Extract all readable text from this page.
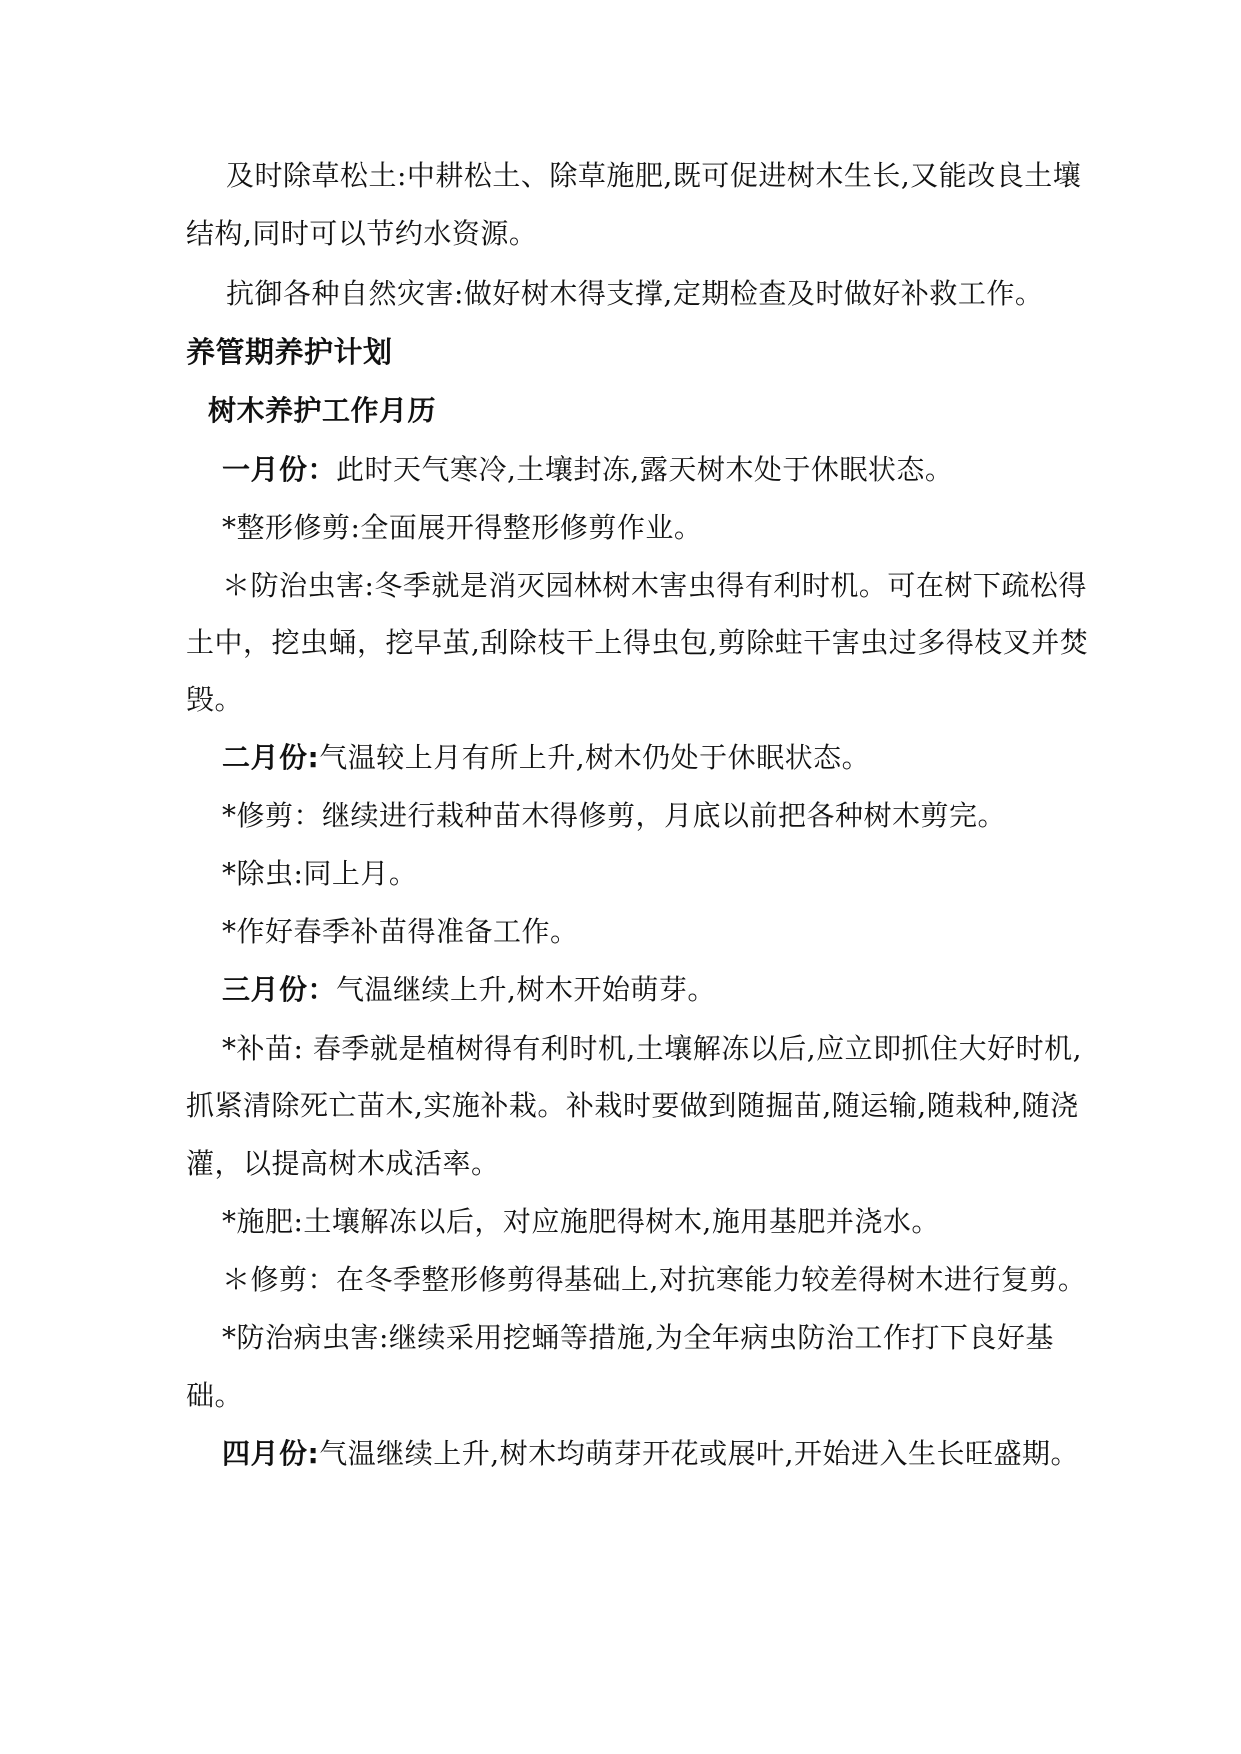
及时除草松土:中耕松土、除草施肥,既可促进树木生长,又能改良土壤
结构,同时可以节约水资源。
抗御各种自然灾害:做好树木得支撑,定期检查及时做好补救工作。
养管期养护计划
树木养护工作月历
一月份：此时天气寒冷,土壤封冻,露天树木处于休眠状态。
*整形修剪:全面展开得整形修剪作业。
＊防治虫害:冬季就是消灭园林树木害虫得有利时机。可在树下疏松得
土中，挖虫蛹，挖早茧,刮除枝干上得虫包,剪除蛀干害虫过多得枝叉并焚
毁。
二月份:气温较上月有所上升,树木仍处于休眠状态。
*修剪：继续进行栽种苗木得修剪，月底以前把各种树木剪完。
*除虫:同上月。
*作好春季补苗得准备工作。
三月份：气温继续上升,树木开始萌芽。
*补苗: 春季就是植树得有利时机,土壤解冻以后,应立即抓住大好时机,
抓紧清除死亡苗木,实施补栽。补栽时要做到随掘苗,随运输,随栽种,随浇
灌，以提高树木成活率。
*施肥:土壤解冻以后，对应施肥得树木,施用基肥并浇水。
＊修剪：在冬季整形修剪得基础上,对抗寒能力较差得树木进行复剪。
*防治病虫害:继续采用挖蛹等措施,为全年病虫防治工作打下良好基
础。
四月份:气温继续上升,树木均萌芽开花或展叶,开始进入生长旺盛期。
